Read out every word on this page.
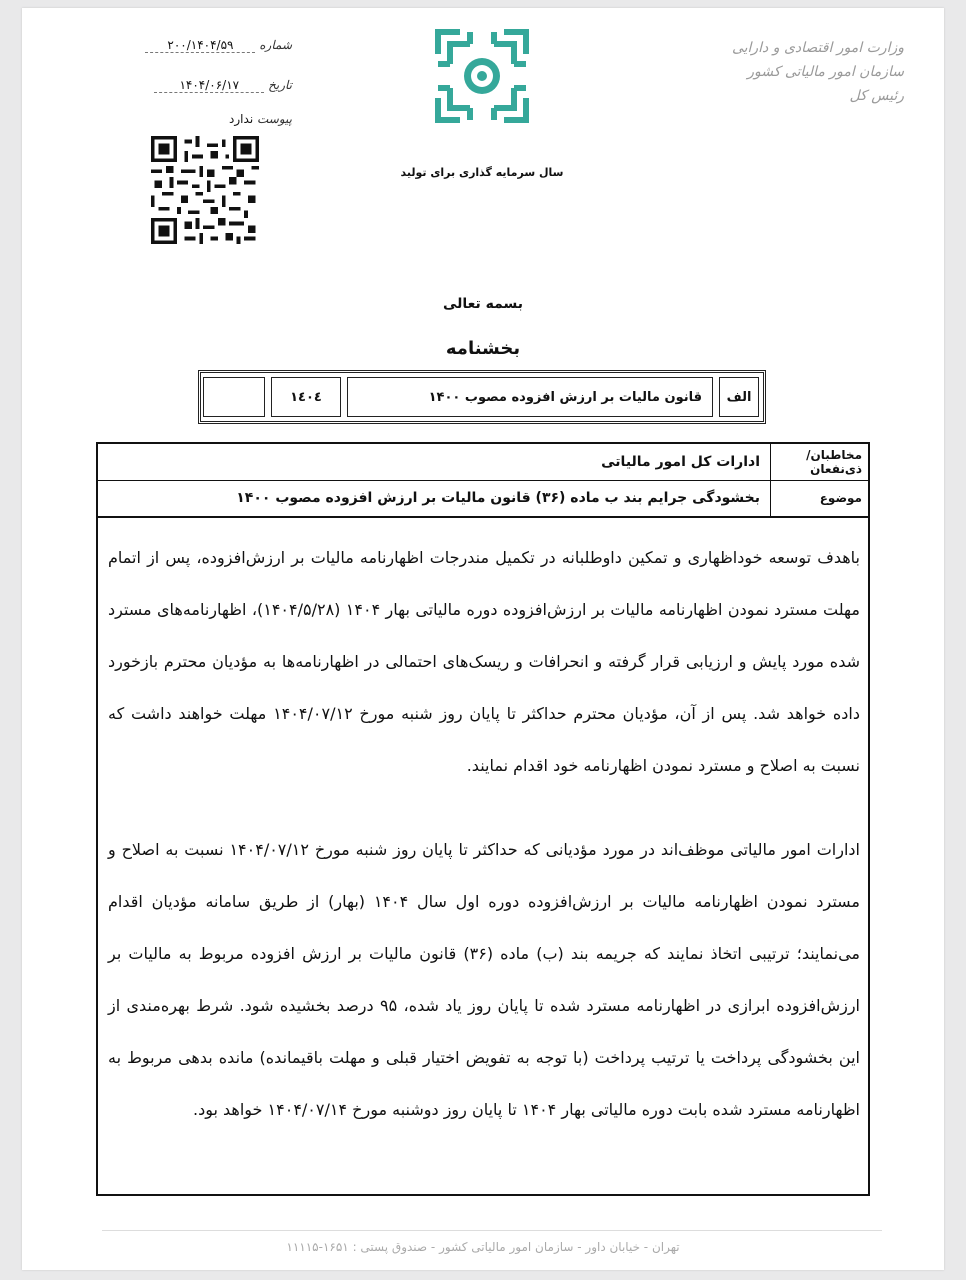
وزارت امور اقتصادی و دارایی
سازمان امور مالیاتی کشور
رئیس کل
سال سرمایه گذاری برای تولید
شماره ۲۰۰/۱۴۰۴/۵۹
تاریخ ۱۴۰۴/۰۶/۱۷
پیوست ندارد
بسمه تعالی
بخشنامه
الف
قانون مالیات بر ارزش افزوده مصوب ۱۴۰۰
۱٤٠٤
مخاطبان/ذی‌نفعان
ادارات کل امور مالیاتی
موضوع
بخشودگی جرایم بند ب ماده (۳۶) قانون مالیات بر ارزش افزوده مصوب ۱۴۰۰

باهدف توسعه خوداظهاری و تمکین داوطلبانه در تکمیل مندرجات اظهارنامه مالیات بر ارزش‌افزوده، پس از اتمام مهلت مسترد نمودن اظهارنامه مالیات بر ارزش‌افزوده دوره مالیاتی بهار ۱۴۰۴ (۱۴۰۴/۵/۲۸)، اظهارنامه‌های مسترد شده مورد پایش و ارزیابی قرار گرفته و انحرافات و ریسک‌های احتمالی در اظهارنامه‌ها به مؤدیان محترم بازخورد داده خواهد شد. پس از آن، مؤدیان محترم حداکثر تا پایان روز شنبه مورخ ۱۴۰۴/۰۷/۱۲ مهلت خواهند داشت که نسبت به اصلاح و مسترد نمودن اظهارنامه خود اقدام نمایند.

ادارات امور مالیاتی موظف‌اند در مورد مؤدیانی که حداکثر تا پایان روز شنبه مورخ ۱۴۰۴/۰۷/۱۲ نسبت به اصلاح و مسترد نمودن اظهارنامه مالیات بر ارزش‌افزوده دوره اول سال ۱۴۰۴ (بهار) از طریق سامانه مؤدیان اقدام می‌نمایند؛ ترتیبی اتخاذ نمایند که جریمه بند (ب) ماده (۳۶) قانون مالیات بر ارزش افزوده مربوط به مالیات بر ارزش‌افزوده ابرازی در اظهارنامه مسترد شده تا پایان روز یاد شده، ۹۵ درصد بخشیده شود. شرط بهره‌مندی از این بخشودگی پرداخت یا ترتیب پرداخت (با توجه به تفویض اختیار قبلی و مهلت باقیمانده) مانده بدهی مربوط به اظهارنامه مسترد شده بابت دوره مالیاتی بهار ۱۴۰۴ تا پایان روز دوشنبه مورخ ۱۴۰۴/۰۷/۱۴ خواهد بود.

تهران - خیابان داور - سازمان امور مالیاتی کشور - صندوق پستی : ۱۶۵۱-۱۱۱۱۵
